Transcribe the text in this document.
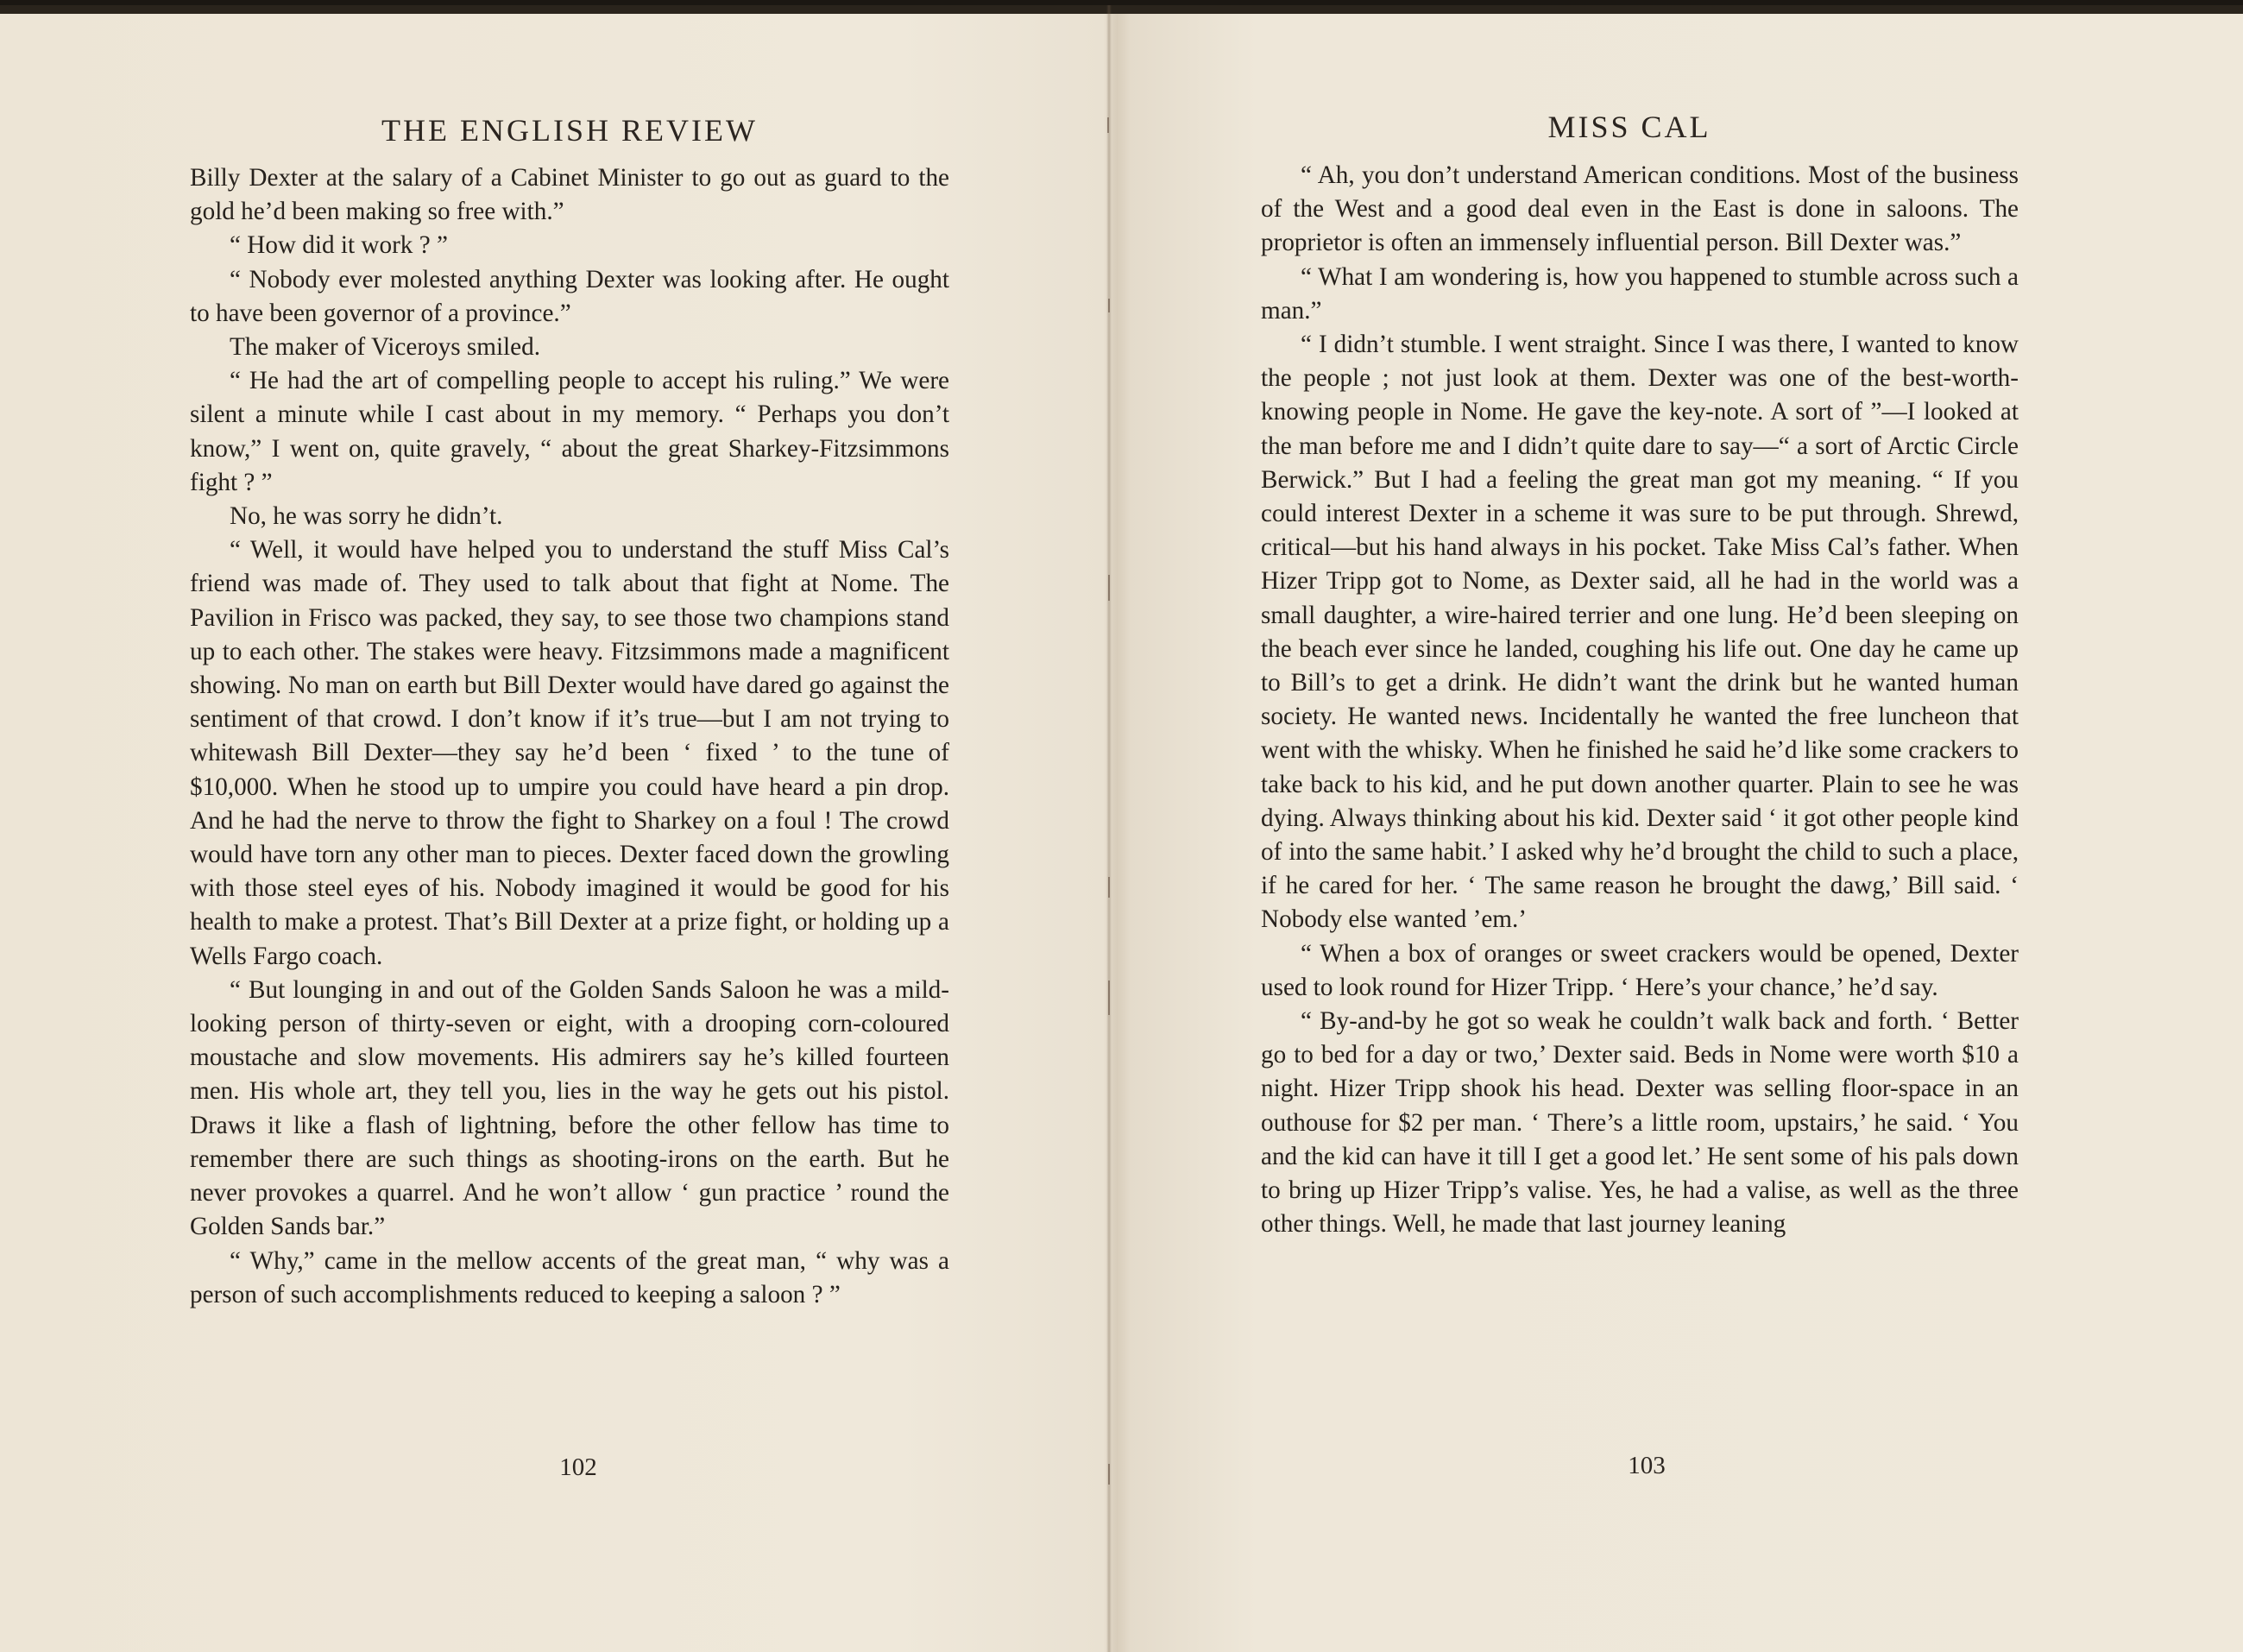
THE ENGLISH REVIEW

Billy Dexter at the salary of a Cabinet Minister to go out as guard to the gold he’d been making so free with.”

“ How did it work ? ”

“ Nobody ever molested anything Dexter was looking after. He ought to have been governor of a province.”

The maker of Viceroys smiled.

“ He had the art of compelling people to accept his ruling.” We were silent a minute while I cast about in my memory. “ Perhaps you don’t know,” I went on, quite gravely, “ about the great Sharkey-Fitzsimmons fight ? ”

No, he was sorry he didn’t.

“ Well, it would have helped you to understand the stuff Miss Cal’s friend was made of. They used to talk about that fight at Nome. The Pavilion in Frisco was packed, they say, to see those two champions stand up to each other. The stakes were heavy. Fitzsimmons made a magnificent showing. No man on earth but Bill Dexter would have dared go against the sentiment of that crowd. I don’t know if it’s true—but I am not trying to whitewash Bill Dexter—they say he’d been ‘ fixed ’ to the tune of $10,000. When he stood up to umpire you could have heard a pin drop. And he had the nerve to throw the fight to Sharkey on a foul ! The crowd would have torn any other man to pieces. Dexter faced down the growling with those steel eyes of his. Nobody imagined it would be good for his health to make a protest. That’s Bill Dexter at a prize fight, or holding up a Wells Fargo coach.

“ But lounging in and out of the Golden Sands Saloon he was a mild-looking person of thirty-seven or eight, with a drooping corn-coloured moustache and slow movements. His admirers say he’s killed fourteen men. His whole art, they tell you, lies in the way he gets out his pistol. Draws it like a flash of lightning, before the other fellow has time to remember there are such things as shooting-irons on the earth. But he never provokes a quarrel. And he won’t allow ‘ gun practice ’ round the Golden Sands bar.”

“ Why,” came in the mellow accents of the great man, “ why was a person of such accomplishments reduced to keeping a saloon ? ”

102
MISS CAL

“ Ah, you don’t understand American conditions. Most of the business of the West and a good deal even in the East is done in saloons. The proprietor is often an immensely influential person. Bill Dexter was.”

“ What I am wondering is, how you happened to stumble across such a man.”

“ I didn’t stumble. I went straight. Since I was there, I wanted to know the people ; not just look at them. Dexter was one of the best-worth-knowing people in Nome. He gave the key-note. A sort of ”—I looked at the man before me and I didn’t quite dare to say—“ a sort of Arctic Circle Berwick.” But I had a feeling the great man got my meaning. “ If you could interest Dexter in a scheme it was sure to be put through. Shrewd, critical—but his hand always in his pocket. Take Miss Cal’s father. When Hizer Tripp got to Nome, as Dexter said, all he had in the world was a small daughter, a wire-haired terrier and one lung. He’d been sleeping on the beach ever since he landed, coughing his life out. One day he came up to Bill’s to get a drink. He didn’t want the drink but he wanted human society. He wanted news. Incidentally he wanted the free luncheon that went with the whisky. When he finished he said he’d like some crackers to take back to his kid, and he put down another quarter. Plain to see he was dying. Always thinking about his kid. Dexter said ‘ it got other people kind of into the same habit.’ I asked why he’d brought the child to such a place, if he cared for her. ‘ The same reason he brought the dawg,’ Bill said. ‘ Nobody else wanted ’em.’

“ When a box of oranges or sweet crackers would be opened, Dexter used to look round for Hizer Tripp. ‘ Here’s your chance,’ he’d say.

“ By-and-by he got so weak he couldn’t walk back and forth. ‘ Better go to bed for a day or two,’ Dexter said. Beds in Nome were worth $10 a night. Hizer Tripp shook his head. Dexter was selling floor-space in an outhouse for $2 per man. ‘ There’s a little room, upstairs,’ he said. ‘ You and the kid can have it till I get a good let.’ He sent some of his pals down to bring up Hizer Tripp’s valise. Yes, he had a valise, as well as the three other things. Well, he made that last journey leaning

103
